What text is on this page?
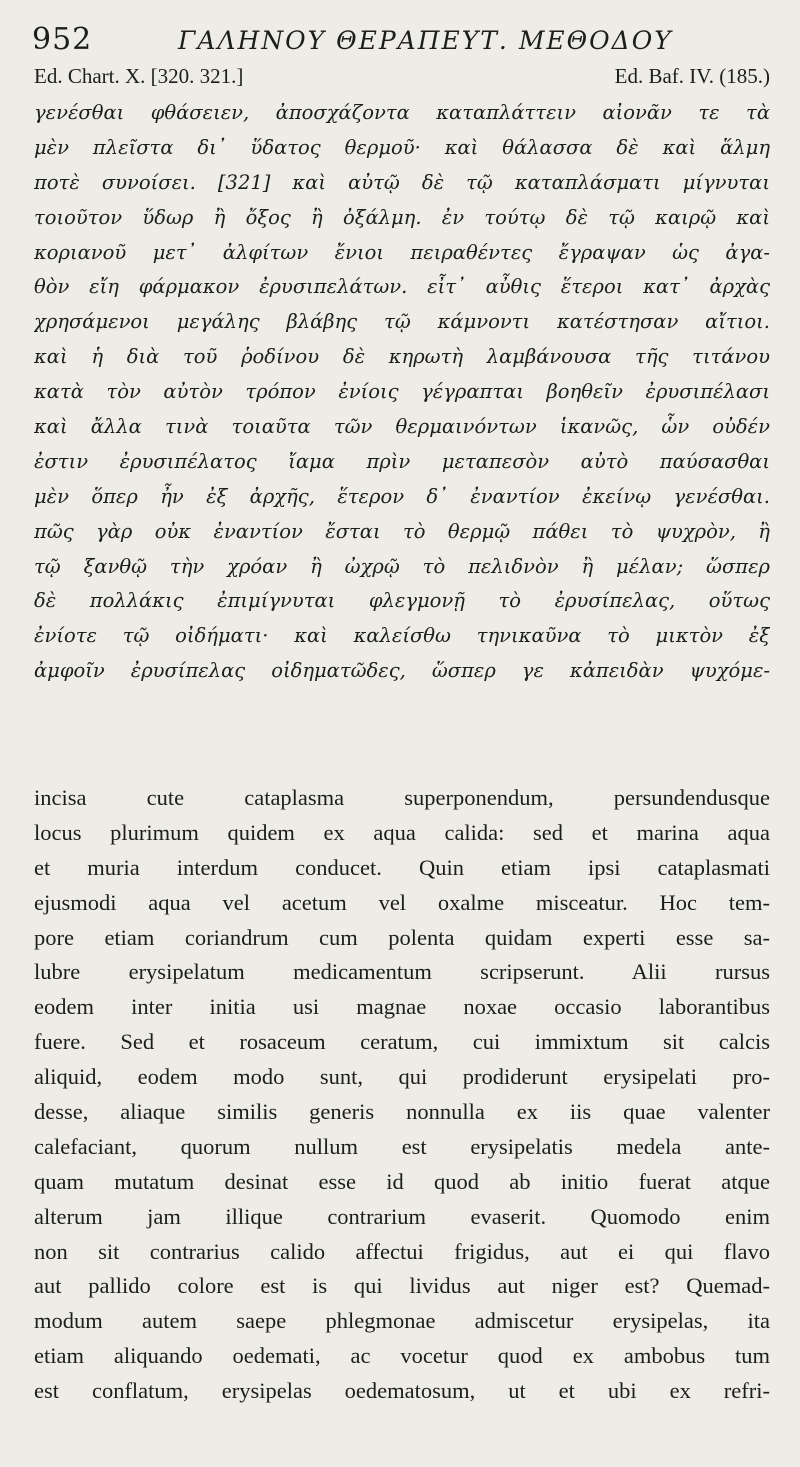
952	ΓΑΛΗΝΟΥ ΘΕΡΑΠΕΥΤ. ΜΕΘΟΔΟΥ
Ed. Chart. X. [320. 321.]	Ed. Baf. IV. (185.)
γενέσθαι φθάσειεν, ἀποσχάζοντα καταπλάττειν αἰονᾶν τε τὰ
μὲν πλεῖστα δι᾽ ὕδατος θερμοῦ· καὶ θάλασσα δὲ καὶ ἅλμη
ποτὲ συνοίσει. [321] καὶ αὐτῷ δὲ τῷ καταπλάσματι μίγνυται
τοιοῦτον ὕδωρ ἢ ὄξος ἢ ὀξάλμη. ἐν τούτῳ δὲ τῷ καιρῷ καὶ
κοριανοῦ μετ᾽ ἀλφίτων ἔνιοι πειραθέντες ἔγραψαν ὡς ἀγα-
θὸν εἴη φάρμακον ἐρυσιπελάτων. εἶτ᾽ αὖθις ἕτεροι κατ᾽ ἀρχὰς
χρησάμενοι μεγάλης βλάβης τῷ κάμνοντι κατέστησαν αἴτιοι.
καὶ ἡ διὰ τοῦ ῥοδίνου δὲ κηρωτὴ λαμβάνουσα τῆς τιτάνου
κατὰ τὸν αὐτὸν τρόπον ἐνίοις γέγραπται βοηθεῖν ἐρυσιπέλασι
καὶ ἄλλα τινὰ τοιαῦτα τῶν θερμαινόντων ἱκανῶς, ὧν οὐδέν
ἐστιν ἐρυσιπέλατος ἴαμα πρὶν μεταπεσὸν αὐτὸ παύσασθαι
μὲν ὅπερ ἦν ἐξ ἀρχῆς, ἕτερον δ᾽ ἐναντίον ἐκείνῳ γενέσθαι.
πῶς γὰρ οὐκ ἐναντίον ἔσται τὸ θερμῷ πάθει τὸ ψυχρὸν, ἢ
τῷ ξανθῷ τὴν χρόαν ἢ ὠχρῷ τὸ πελιδνὸν ἢ μέλαν; ὥσπερ
δὲ πολλάκις ἐπιμίγνυται φλεγμονῇ τὸ ἐρυσίπελας, οὕτως
ἐνίοτε τῷ οἰδήματι· καὶ καλείσθω τηνικαῦνα τὸ μικτὸν ἐξ
ἀμφοῖν ἐρυσίπελας οἰδηματῶδες, ὥσπερ γε κἀπειδὰν ψυχόμε-
incisa cute cataplasma superponendum, persundendusque
locus plurimum quidem ex aqua calida: sed et marina aqua
et muria interdum conducet. Quin etiam ipsi cataplasmati
ejusmodi aqua vel acetum vel oxalme misceatur. Hoc tem-
pore etiam coriandrum cum polenta quidam experti esse sa-
lubre erysipelatum medicamentum scripserunt. Alii rursus
eodem inter initia usi magnae noxae occasio laborantibus
fuere. Sed et rosaceum ceratum, cui immixtum sit calcis
aliquid, eodem modo sunt, qui prodiderunt erysipelati pro-
desse, aliaque similis generis nonnulla ex iis quae valenter
calefaciant, quorum nullum est erysipelatis medela ante-
quam mutatum desinat esse id quod ab initio fuerat atque
alterum jam illique contrarium evaserit. Quomodo enim
non sit contrarius calido affectui frigidus, aut ei qui flavo
aut pallido colore est is qui lividus aut niger est? Quemad-
modum autem saepe phlegmonae admiscetur erysipelas, ita
etiam aliquando oedemati, ac vocetur quod ex ambobus tum
est conflatum, erysipelas oedematosum, ut et ubi ex refri-
